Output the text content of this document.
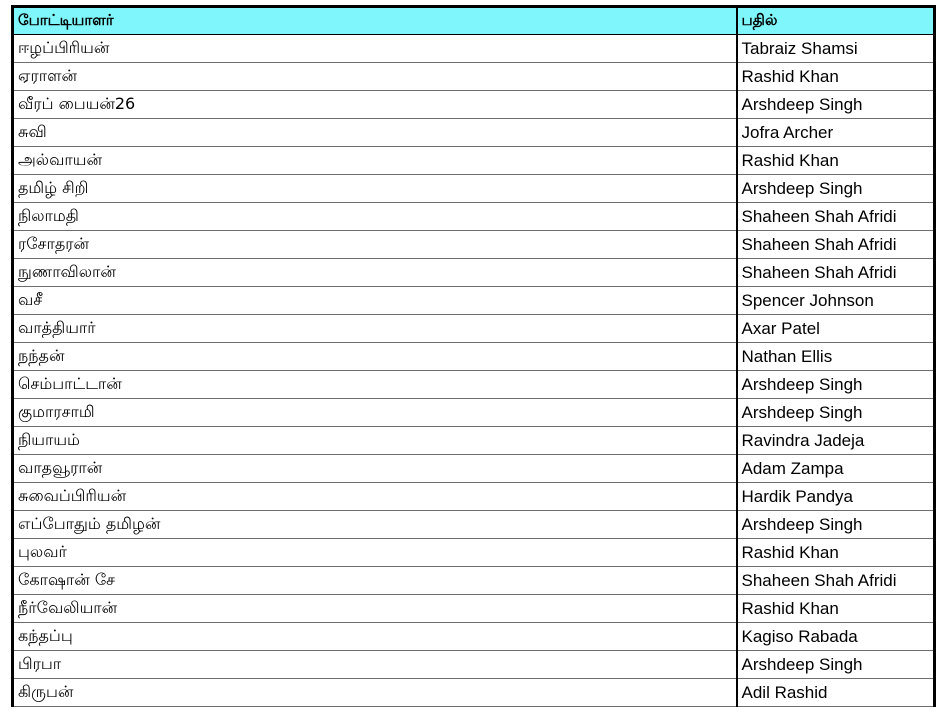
போட்டியாளர்	பதில்
ஈழப்பிரியன்	Tabraiz Shamsi
ஏராளன்	Rashid Khan
வீரப் பையன்26	Arshdeep Singh
சுவி	Jofra Archer
அல்வாயன்	Rashid Khan
தமிழ் சிறி	Arshdeep Singh
நிலாமதி	Shaheen Shah Afridi
ரசோதரன்	Shaheen Shah Afridi
நுணாவிலான்	Shaheen Shah Afridi
வசீ	Spencer Johnson
வாத்தியார்	Axar Patel
நந்தன்	Nathan Ellis
செம்பாட்டான்	Arshdeep Singh
குமாரசாமி	Arshdeep Singh
நியாயம்	Ravindra Jadeja
வாதவூரான்	Adam Zampa
சுவைப்பிரியன்	Hardik Pandya
எப்போதும் தமிழன்	Arshdeep Singh
புலவர்	Rashid Khan
கோஷான் சே	Shaheen Shah Afridi
நீர்வேலியான்	Rashid Khan
கந்தப்பு	Kagiso Rabada
பிரபா	Arshdeep Singh
கிருபன்	Adil Rashid
